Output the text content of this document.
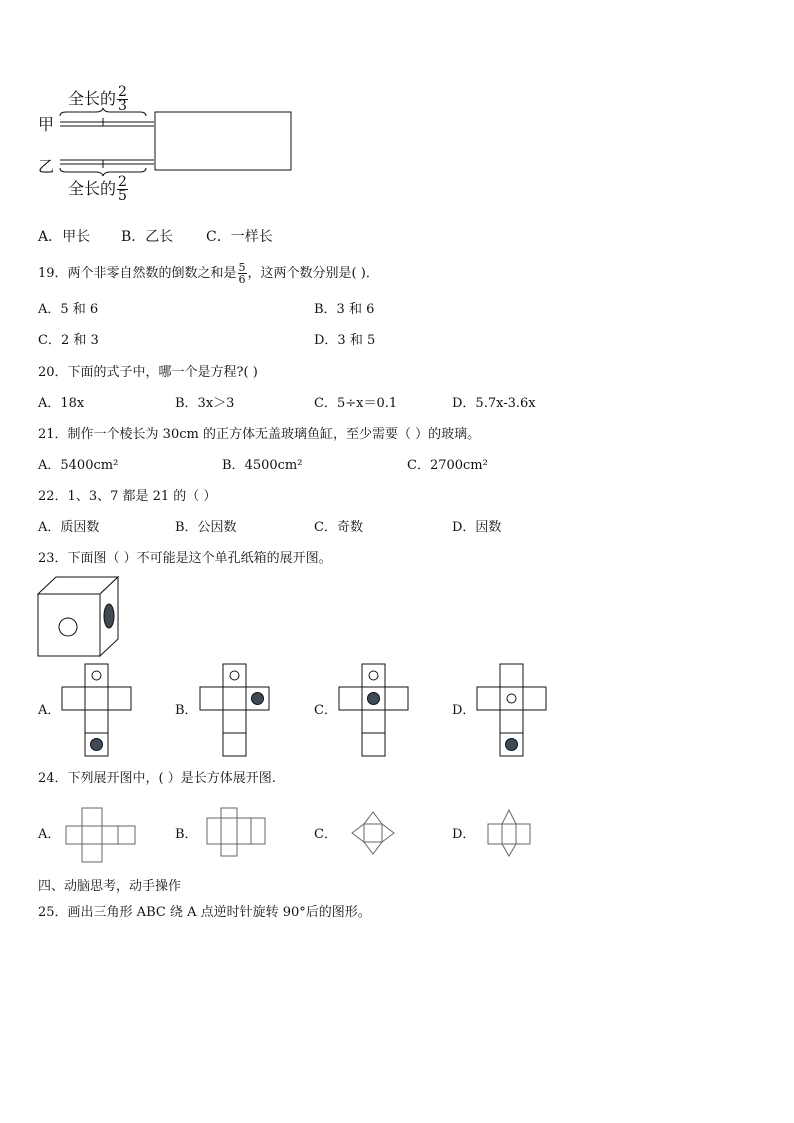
全长的 $\frac{2}{3}$
甲
乙
全长的 $\frac{2}{5}$
A．甲长 B．乙长 C．一样长
19．两个非零自然数的倒数之和是 $\frac{5}{6}$ ，这两个数分别是( )．
A．5 和 6	B．3 和 6
C．2 和 3	D．3 和 5
20．下面的式子中，哪一个是方程?( )
A．18x	B．3x＞3	C．5÷x＝0.1	D．5.7x-3.6x
21．制作一个棱长为 30cm 的正方体无盖玻璃鱼缸，至少需要（ ）的玻璃。
A．5400cm²	B．4500cm²	C．2700cm²
22．1、3、7 都是 21 的（ ）
A．质因数	B．公因数	C．奇数	D．因数
23．下面图（ ）不可能是这个单孔纸箱的展开图。
A．	B．	C．	D．
24．下列展开图中，( ）是长方体展开图.
A．	B．	C．	D．
四、动脑思考，动手操作
25．画出三角形 ABC 绕 A 点逆时针旋转 90°后的图形。
